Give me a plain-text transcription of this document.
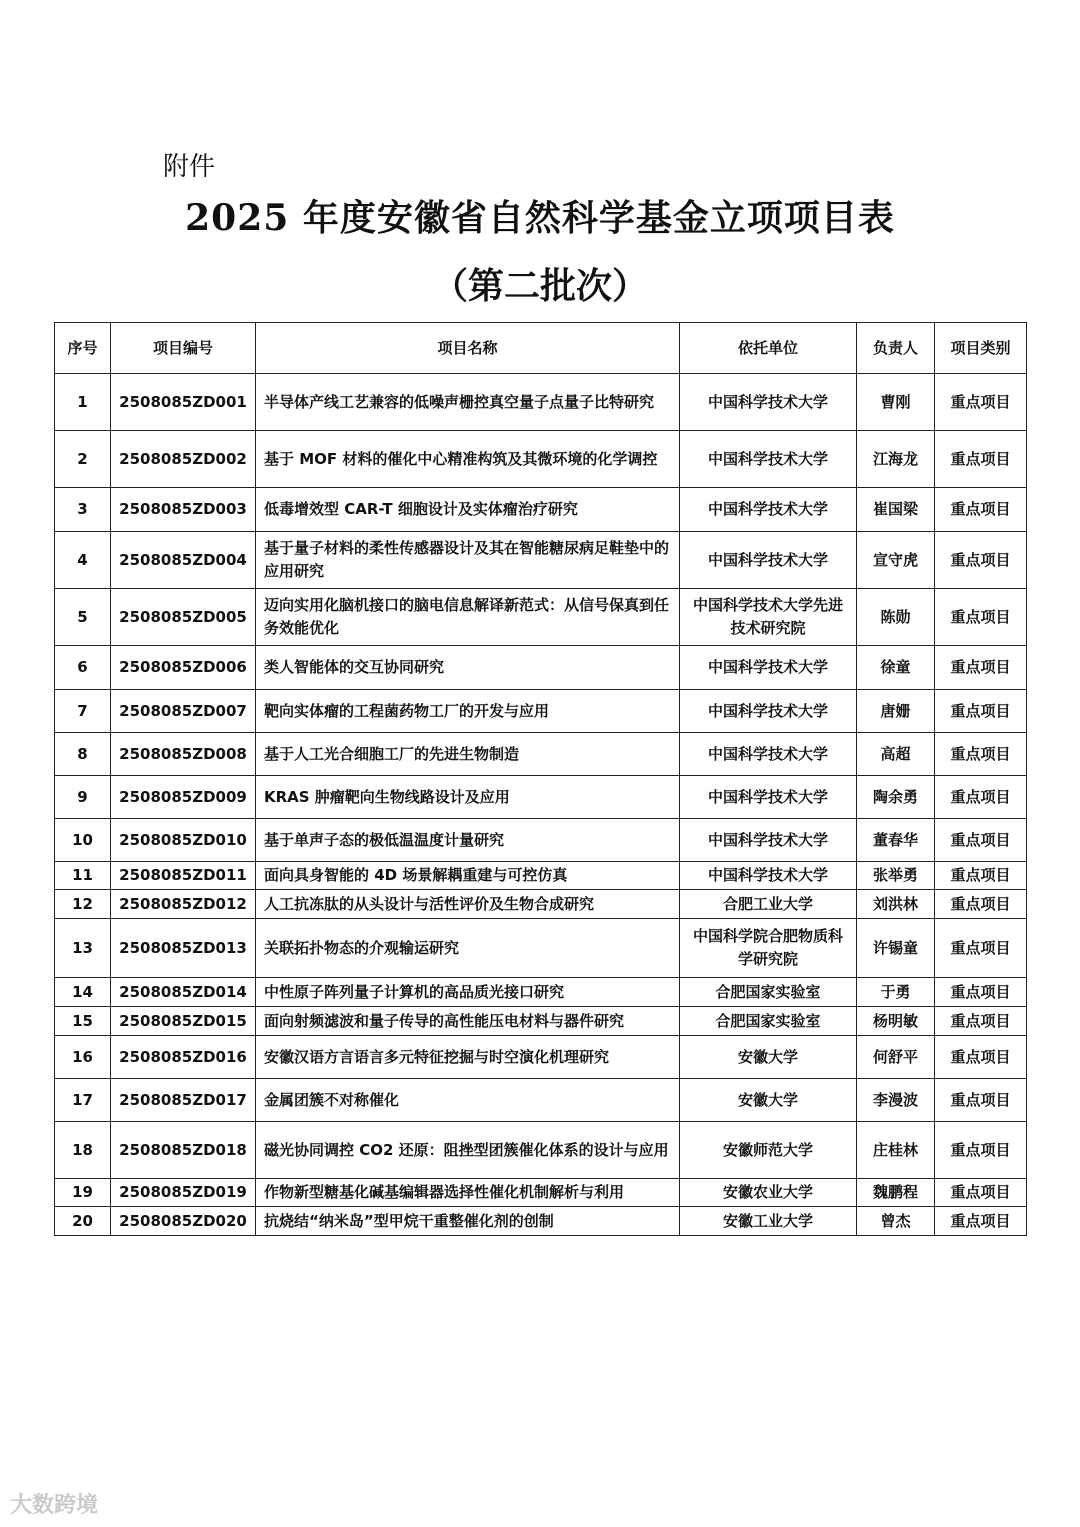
附件
2025 年度安徽省自然科学基金立项项目表
（第二批次）
序号	项目编号	项目名称	依托单位	负责人	项目类别
1	2508085ZD001	半导体产线工艺兼容的低噪声栅控真空量子点量子比特研究	中国科学技术大学	曹刚	重点项目
2	2508085ZD002	基于 MOF 材料的催化中心精准构筑及其微环境的化学调控	中国科学技术大学	江海龙	重点项目
3	2508085ZD003	低毒增效型 CAR-T 细胞设计及实体瘤治疗研究	中国科学技术大学	崔国梁	重点项目
4	2508085ZD004	基于量子材料的柔性传感器设计及其在智能糖尿病足鞋垫中的应用研究	中国科学技术大学	宣守虎	重点项目
5	2508085ZD005	迈向实用化脑机接口的脑电信息解译新范式：从信号保真到任务效能优化	中国科学技术大学先进技术研究院	陈勋	重点项目
6	2508085ZD006	类人智能体的交互协同研究	中国科学技术大学	徐童	重点项目
7	2508085ZD007	靶向实体瘤的工程菌药物工厂的开发与应用	中国科学技术大学	唐姗	重点项目
8	2508085ZD008	基于人工光合细胞工厂的先进生物制造	中国科学技术大学	高超	重点项目
9	2508085ZD009	KRAS 肿瘤靶向生物线路设计及应用	中国科学技术大学	陶余勇	重点项目
10	2508085ZD010	基于单声子态的极低温温度计量研究	中国科学技术大学	董春华	重点项目
11	2508085ZD011	面向具身智能的 4D 场景解耦重建与可控仿真	中国科学技术大学	张举勇	重点项目
12	2508085ZD012	人工抗冻肽的从头设计与活性评价及生物合成研究	合肥工业大学	刘洪林	重点项目
13	2508085ZD013	关联拓扑物态的介观输运研究	中国科学院合肥物质科学研究院	许锡童	重点项目
14	2508085ZD014	中性原子阵列量子计算机的高品质光接口研究	合肥国家实验室	于勇	重点项目
15	2508085ZD015	面向射频滤波和量子传导的高性能压电材料与器件研究	合肥国家实验室	杨明敏	重点项目
16	2508085ZD016	安徽汉语方言语言多元特征挖掘与时空演化机理研究	安徽大学	何舒平	重点项目
17	2508085ZD017	金属团簇不对称催化	安徽大学	李漫波	重点项目
18	2508085ZD018	磁光协同调控 CO2 还原：阻挫型团簇催化体系的设计与应用	安徽师范大学	庄桂林	重点项目
19	2508085ZD019	作物新型糖基化碱基编辑器选择性催化机制解析与利用	安徽农业大学	魏鹏程	重点项目
20	2508085ZD020	抗烧结“纳米岛”型甲烷干重整催化剂的创制	安徽工业大学	曾杰	重点项目
大数跨境
